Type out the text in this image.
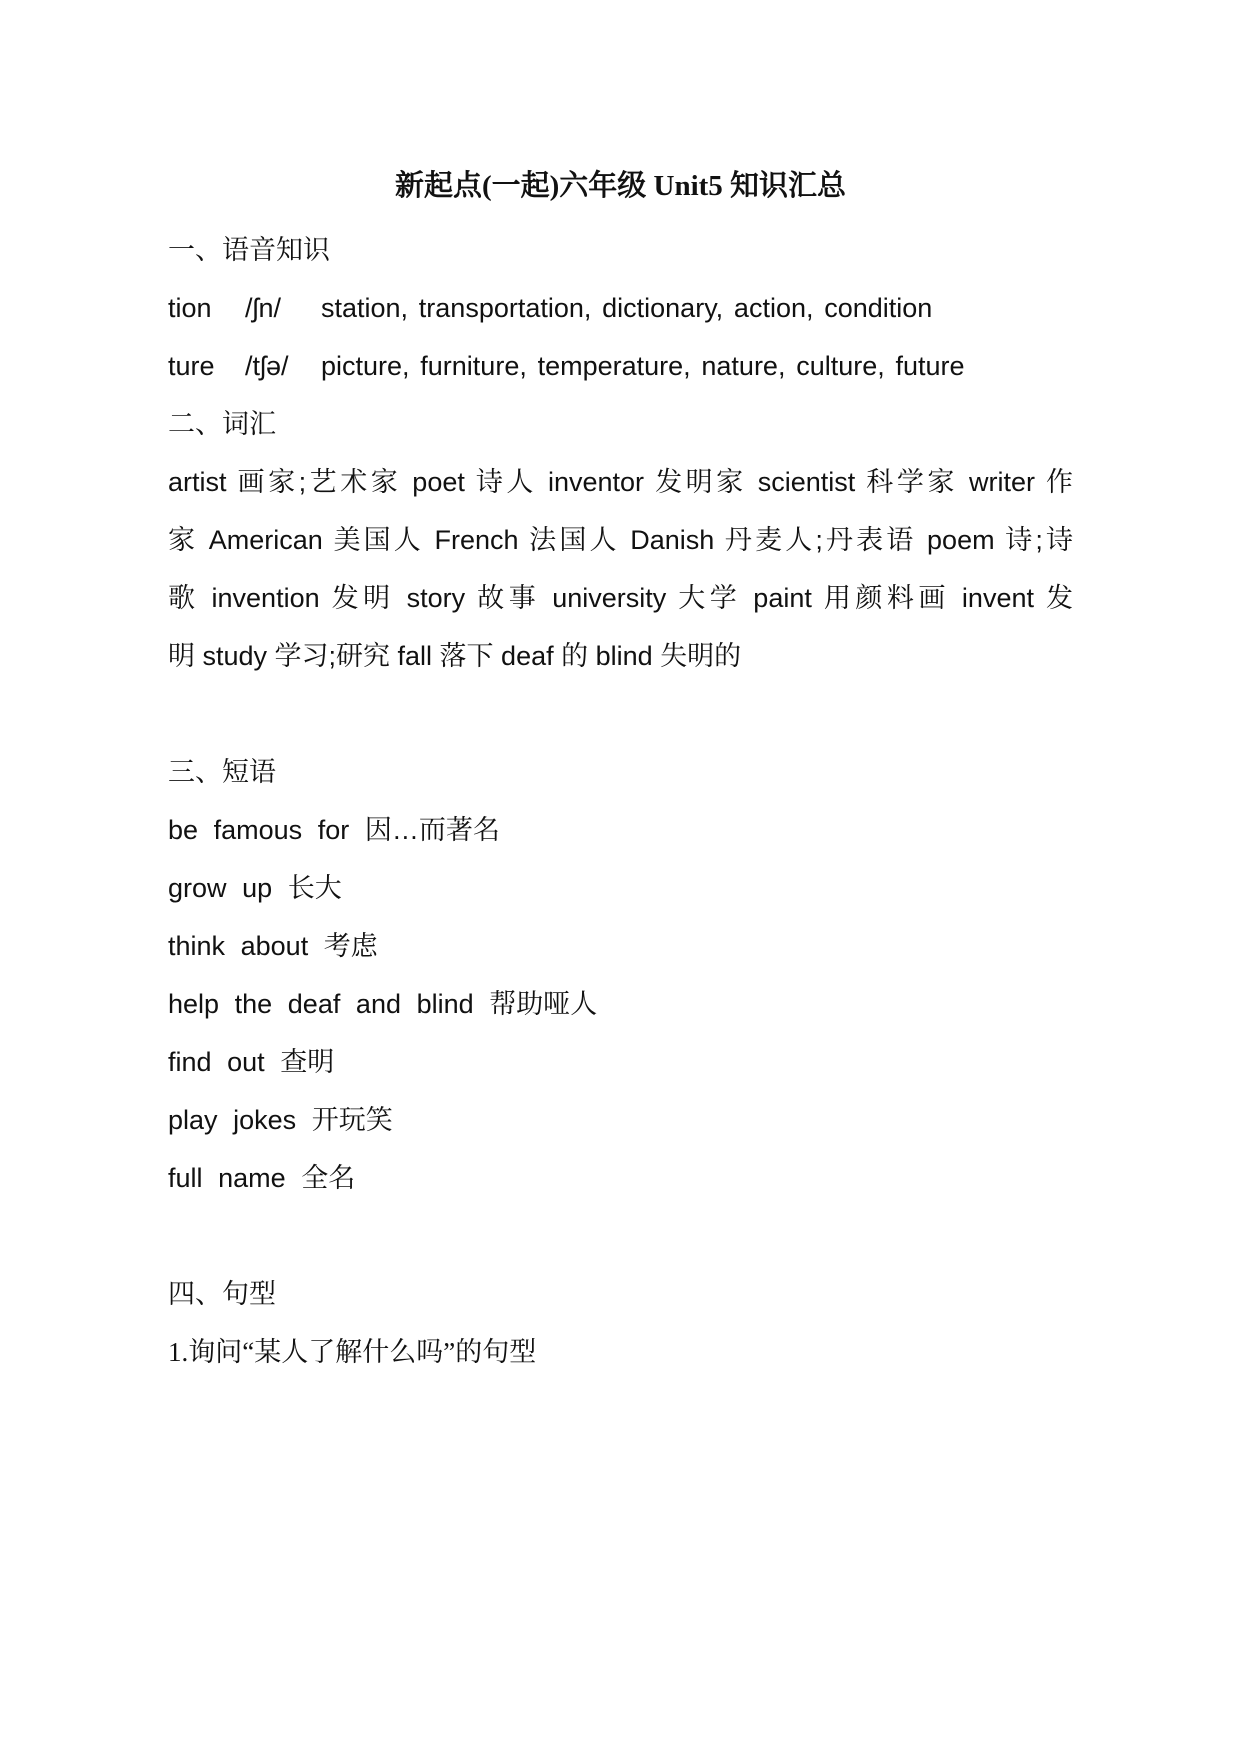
新起点(一起)六年级 Unit5 知识汇总
一、语音知识
tion	/ʃn/	station, transportation, dictionary, action, condition
ture	/tʃə/	picture, furniture, temperature, nature, culture, future
二、词汇
artist 画家;艺术家 poet 诗人 inventor 发明家 scientist 科学家 writer 作
家 American 美国人 French 法国人 Danish 丹麦人;丹表语 poem 诗;诗
歌 invention 发明 story 故事 university 大学 paint 用颜料画 invent 发
明 study 学习;研究 fall 落下 deaf 的 blind 失明的
三、短语
be famous for 因…而著名
grow up 长大
think about 考虑
help the deaf and blind 帮助哑人
find out 查明
play jokes 开玩笑
full name 全名
四、句型
1.询问“某人了解什么吗”的句型
